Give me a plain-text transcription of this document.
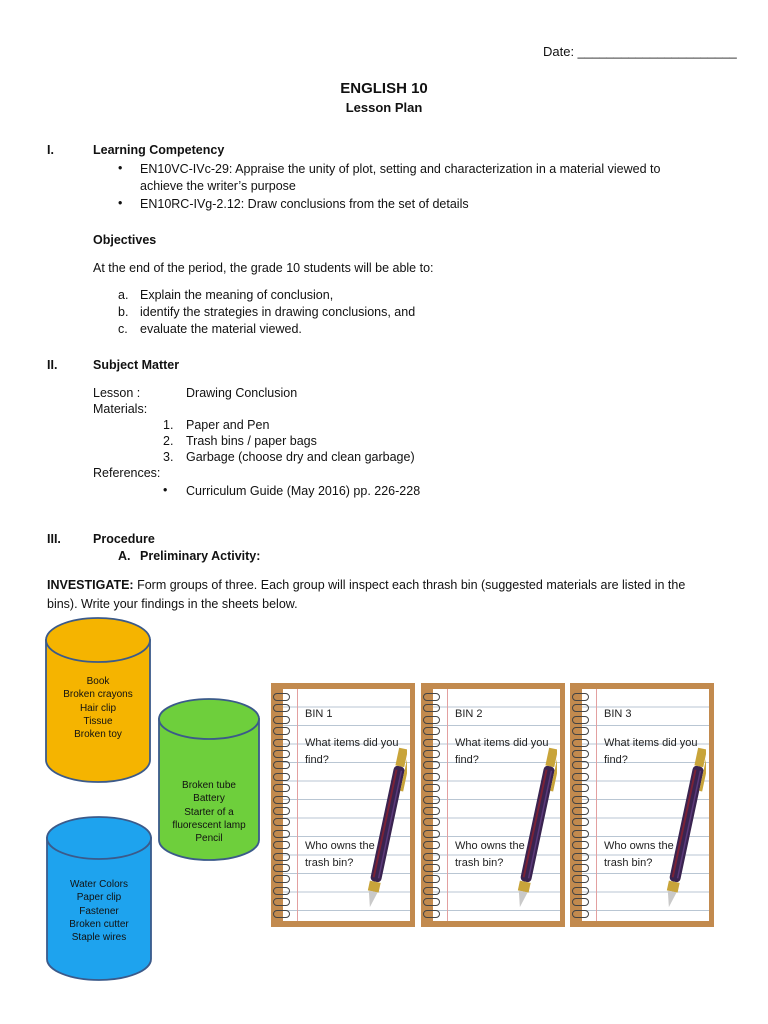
Date: ______________________
ENGLISH 10
Lesson Plan
I.	Learning Competency
• EN10VC-IVc-29: Appraise the unity of plot, setting and characterization in a material viewed to
achieve the writer’s purpose
• EN10RC-IVg-2.12: Draw conclusions from the set of details
Objectives
At the end of the period, the grade 10 students will be able to:
a. Explain the meaning of conclusion,
b. identify the strategies in drawing conclusions, and
c. evaluate the material viewed.
II.	Subject Matter
Lesson :	Drawing Conclusion
Materials:
1. Paper and Pen
2. Trash bins / paper bags
3. Garbage (choose dry and clean garbage)
References:
• Curriculum Guide (May 2016) pp. 226-228
III.	Procedure
A. Preliminary Activity:
INVESTIGATE: Form groups of three. Each group will inspect each thrash bin (suggested materials are listed in the
bins). Write your findings in the sheets below.
Book
Broken crayons
Hair clip
Tissue
Broken toy
Broken tube
Battery
Starter of a
fluorescent lamp
Pencil
Water Colors
Paper clip
Fastener
Broken cutter
Staple wires
BIN 1
What items did you
find?
Who owns the
trash bin?
BIN 2
What items did you
find?
Who owns the
trash bin?
BIN 3
What items did you
find?
Who owns the
trash bin?
